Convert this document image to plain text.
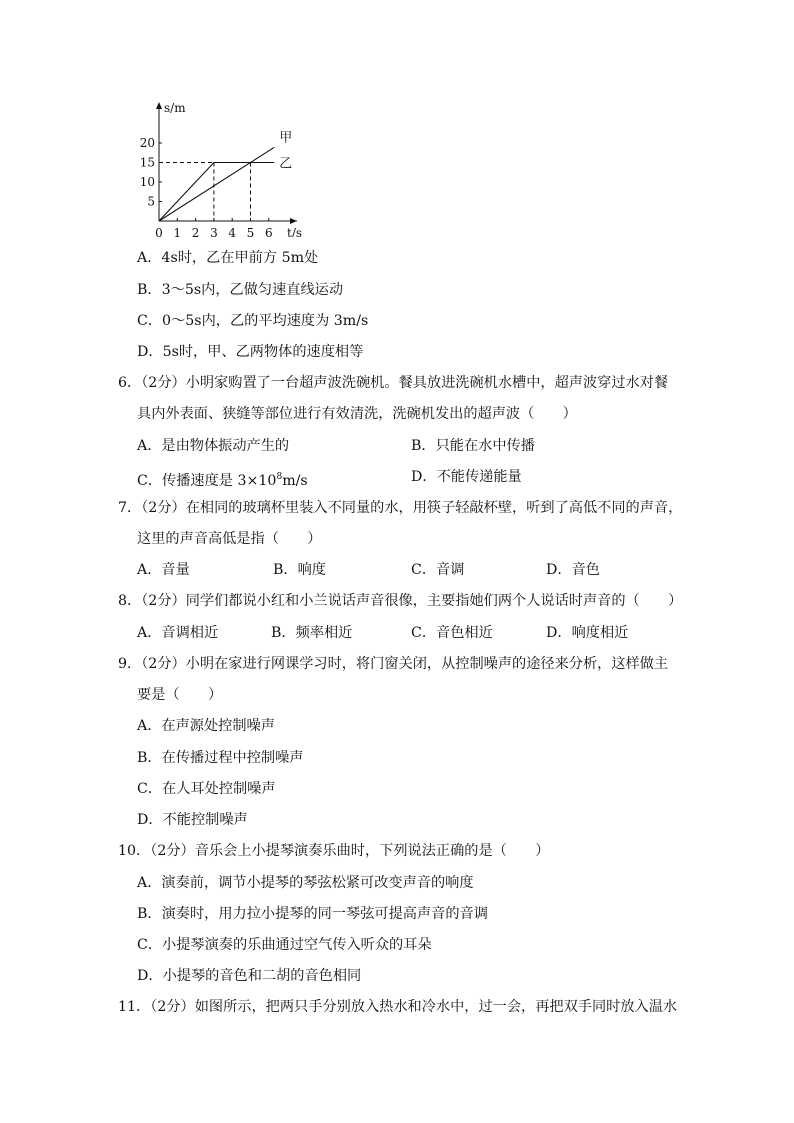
0 1 2 3 4 5 6
5
10
15
20
s/m
t/s
甲
乙
A．4s时，乙在甲前方 5m处
B．3～5s内，乙做匀速直线运动
C．0～5s内，乙的平均速度为 3m/s
D．5s时，甲、乙两物体的速度相等
6．（2分）小明家购置了一台超声波洗碗机。餐具放进洗碗机水槽中，超声波穿过水对餐
具内外表面、狭缝等部位进行有效清洗，洗碗机发出的超声波（　　）
A．是由物体振动产生的	B．只能在水中传播
C．传播速度是 $3\times 10^8m/s$	D．不能传递能量
7．（2分）在相同的玻璃杯里装入不同量的水，用筷子轻敲杯壁，听到了高低不同的声音，
这里的声音高低是指（　　）
A．音量	B．响度	C．音调	D．音色
8．（2分）同学们都说小红和小兰说话声音很像，主要指她们两个人说话时声音的（　　）
A．音调相近	B．频率相近	C．音色相近	D．响度相近
9．（2分）小明在家进行网课学习时，将门窗关闭，从控制噪声的途径来分析，这样做主
要是（　　）
A．在声源处控制噪声
B．在传播过程中控制噪声
C．在人耳处控制噪声
D．不能控制噪声
10．（2分）音乐会上小提琴演奏乐曲时，下列说法正确的是（　　）
A．演奏前，调节小提琴的琴弦松紧可改变声音的响度
B．演奏时，用力拉小提琴的同一琴弦可提高声音的音调
C．小提琴演奏的乐曲通过空气传入听众的耳朵
D．小提琴的音色和二胡的音色相同
11．（2分）如图所示，把两只手分别放入热水和冷水中，过一会，再把双手同时放入温水
